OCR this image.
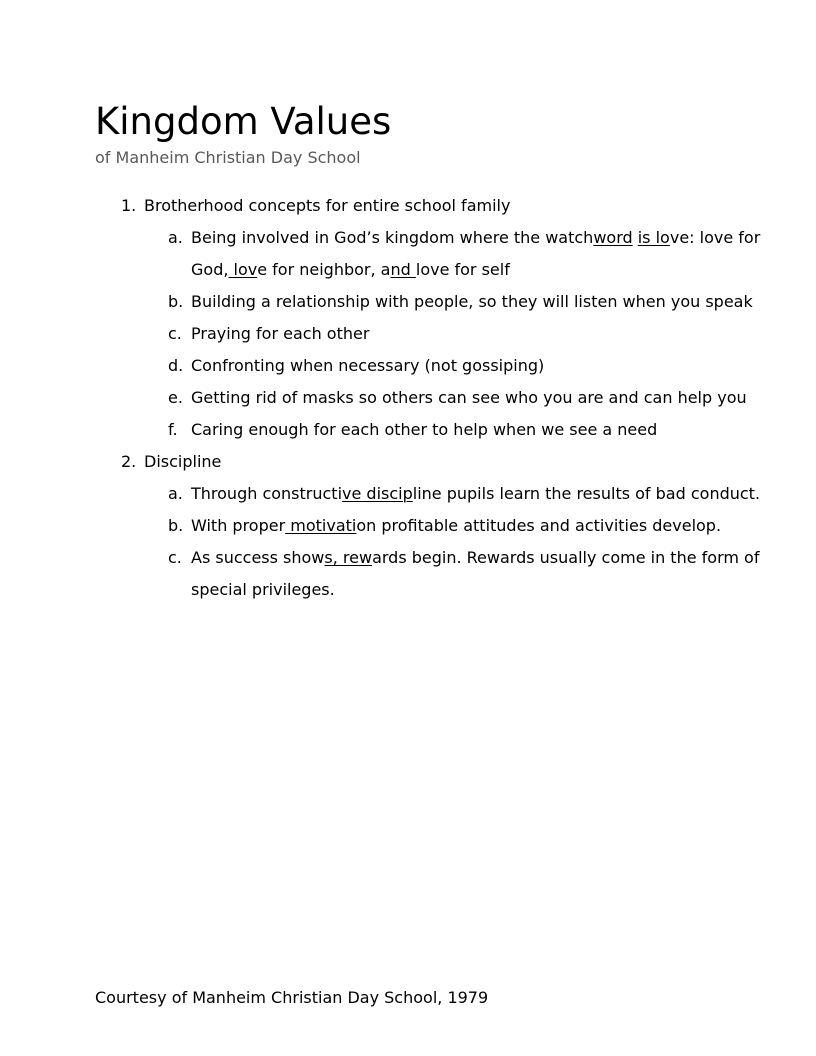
Kingdom Values
of Manheim Christian Day School
1. Brotherhood concepts for entire school family
a. Being involved in God’s kingdom where the watchword is love: love for God, love for neighbor, and love for self
b. Building a relationship with people, so they will listen when you speak
c. Praying for each other
d. Confronting when necessary (not gossiping)
e. Getting rid of masks so others can see who you are and can help you
f. Caring enough for each other to help when we see a need
2. Discipline
a. Through constructive discipline pupils learn the results of bad conduct.
b. With proper motivation profitable attitudes and activities develop.
c. As success shows, rewards begin. Rewards usually come in the form of special privileges.
Courtesy of Manheim Christian Day School, 1979
